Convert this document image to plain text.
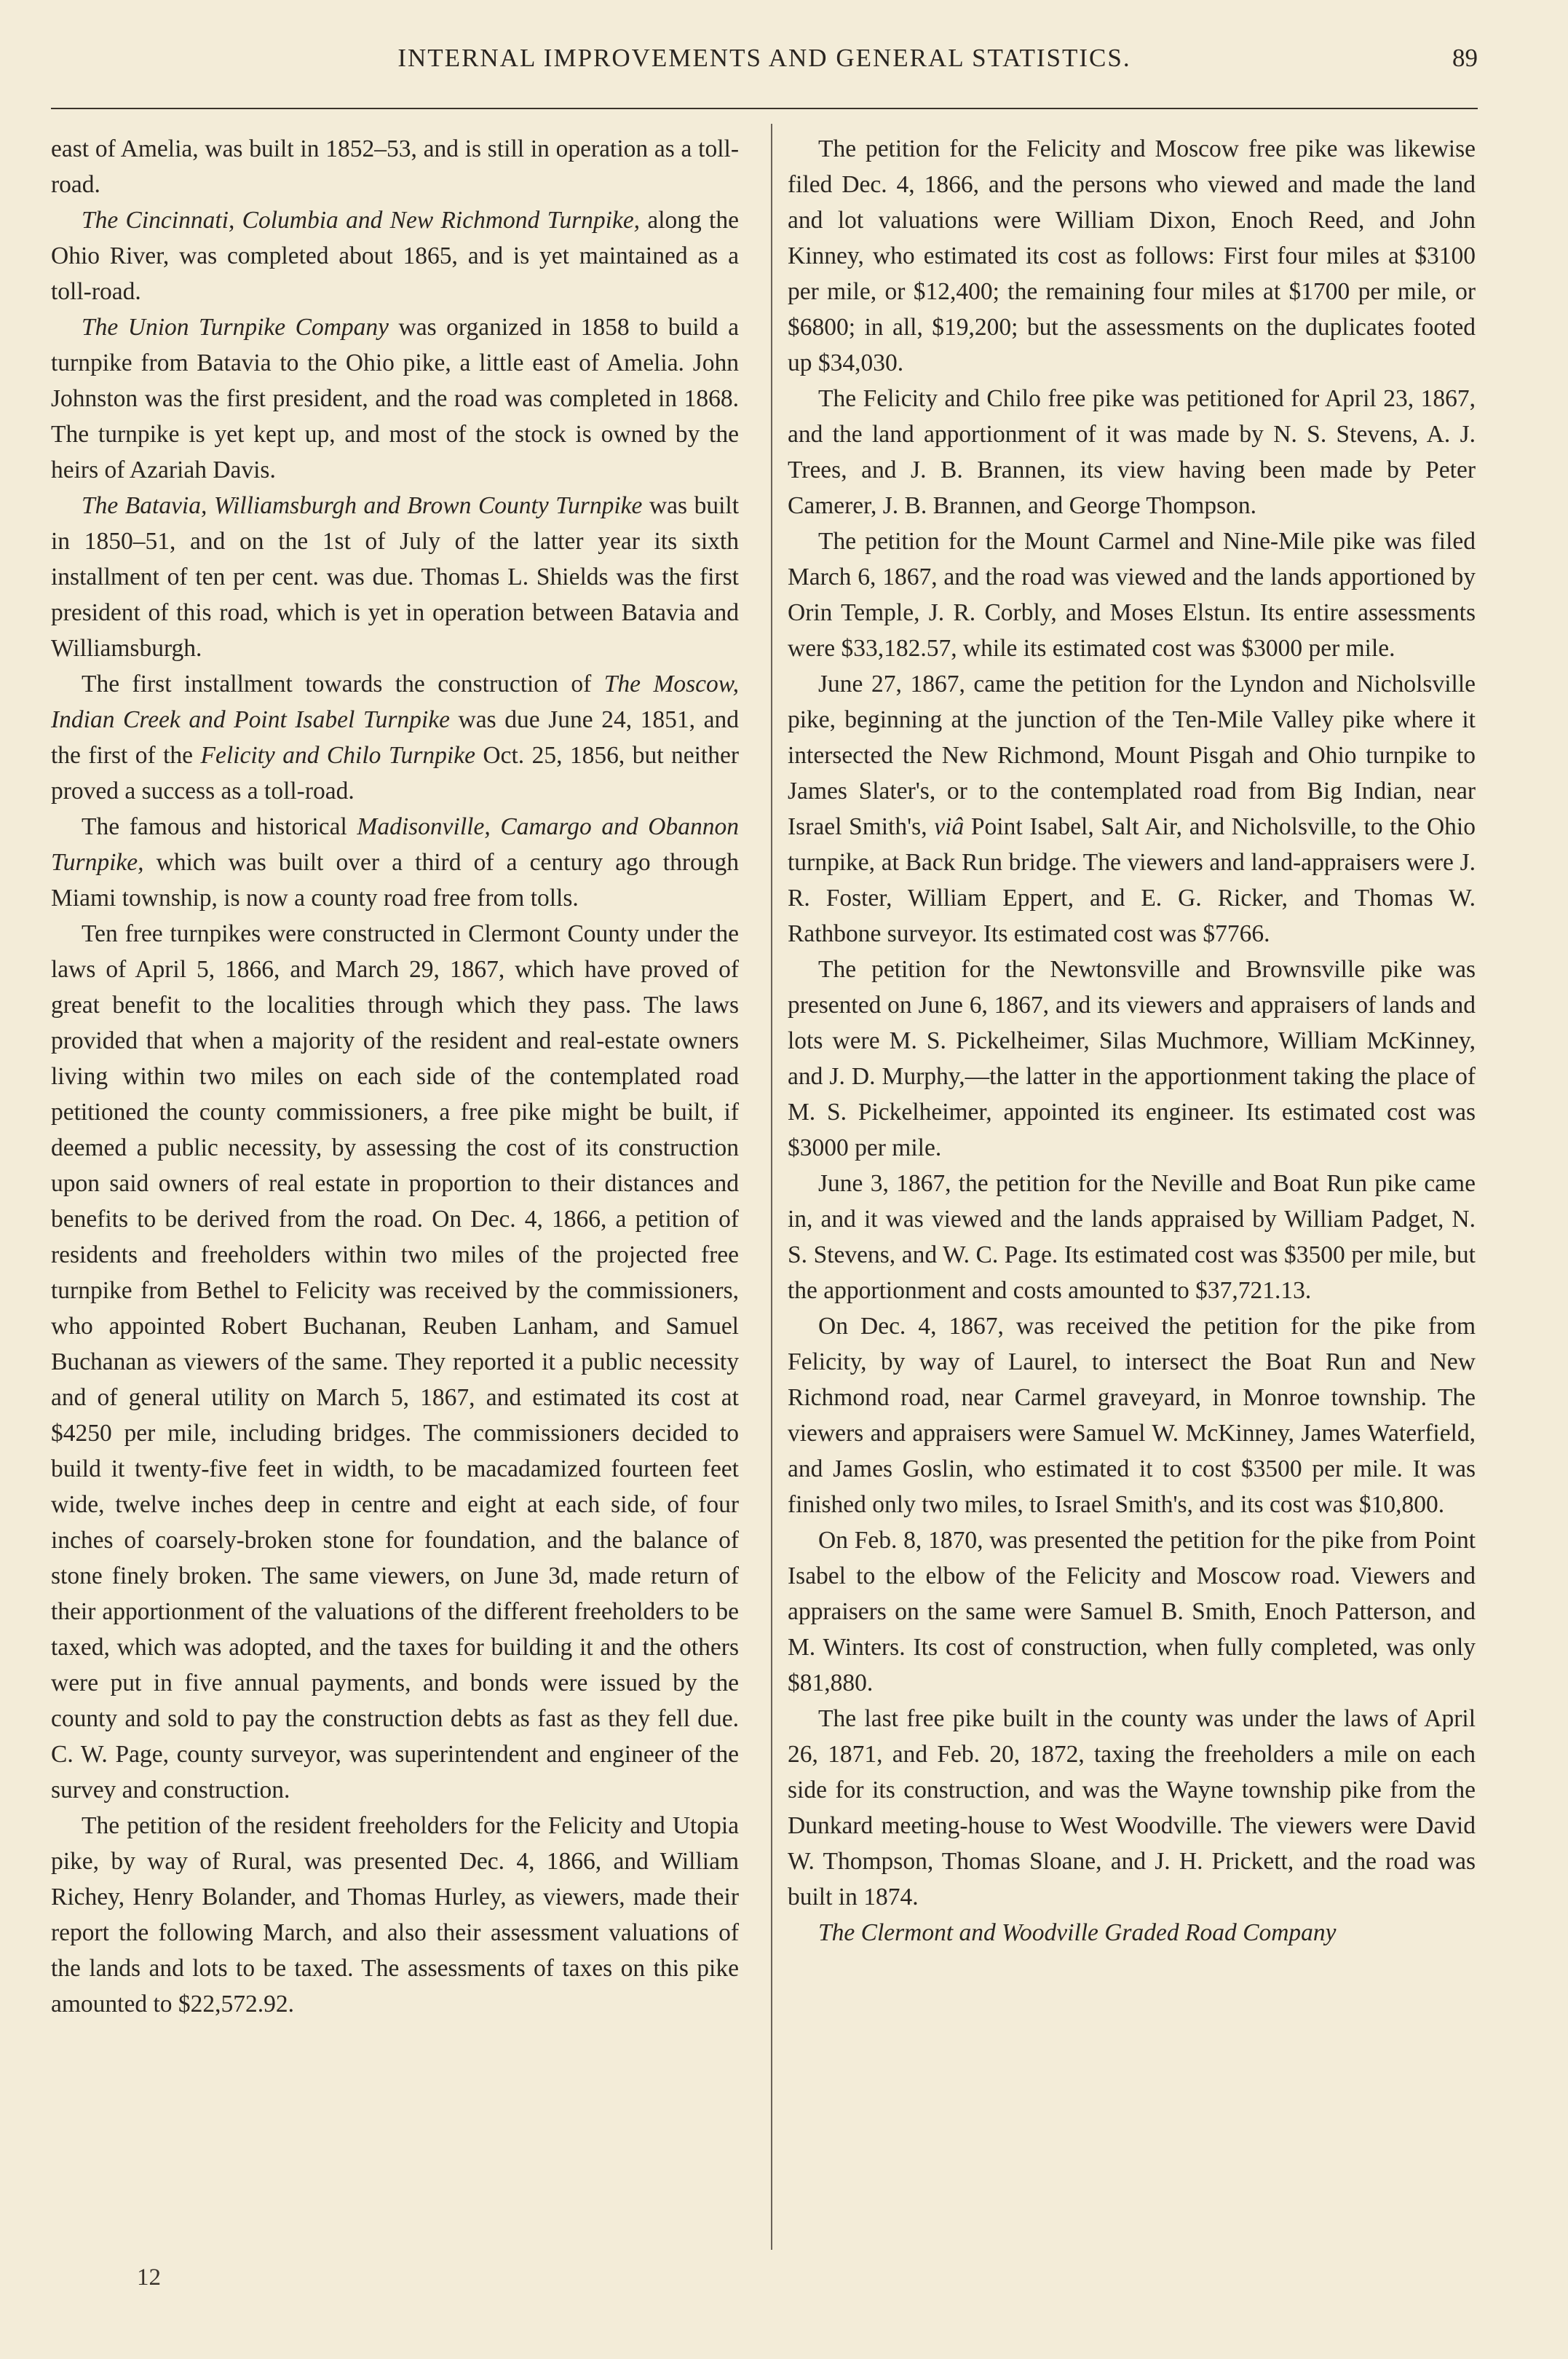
INTERNAL IMPROVEMENTS AND GENERAL STATISTICS.	89

east of Amelia, was built in 1852–53, and is still in operation as a toll-road.

The Cincinnati, Columbia and New Richmond Turnpike, along the Ohio River, was completed about 1865, and is yet maintained as a toll-road.

The Union Turnpike Company was organized in 1858 to build a turnpike from Batavia to the Ohio pike, a little east of Amelia. John Johnston was the first president, and the road was completed in 1868. The turnpike is yet kept up, and most of the stock is owned by the heirs of Azariah Davis.

The Batavia, Williamsburgh and Brown County Turnpike was built in 1850–51, and on the 1st of July of the latter year its sixth installment of ten per cent. was due. Thomas L. Shields was the first president of this road, which is yet in operation between Batavia and Williamsburgh.

The first installment towards the construction of The Moscow, Indian Creek and Point Isabel Turnpike was due June 24, 1851, and the first of the Felicity and Chilo Turnpike Oct. 25, 1856, but neither proved a success as a toll-road.

The famous and historical Madisonville, Camargo and Obannon Turnpike, which was built over a third of a century ago through Miami township, is now a county road free from tolls.

Ten free turnpikes were constructed in Clermont County under the laws of April 5, 1866, and March 29, 1867, which have proved of great benefit to the localities through which they pass. The laws provided that when a majority of the resident and real-estate owners living within two miles on each side of the contemplated road petitioned the county commissioners, a free pike might be built, if deemed a public necessity, by assessing the cost of its construction upon said owners of real estate in proportion to their distances and benefits to be derived from the road. On Dec. 4, 1866, a petition of residents and freeholders within two miles of the projected free turnpike from Bethel to Felicity was received by the commissioners, who appointed Robert Buchanan, Reuben Lanham, and Samuel Buchanan as viewers of the same. They reported it a public necessity and of general utility on March 5, 1867, and estimated its cost at $4250 per mile, including bridges. The commissioners decided to build it twenty-five feet in width, to be macadamized fourteen feet wide, twelve inches deep in centre and eight at each side, of four inches of coarsely-broken stone for foundation, and the balance of stone finely broken. The same viewers, on June 3d, made return of their apportionment of the valuations of the different freeholders to be taxed, which was adopted, and the taxes for building it and the others were put in five annual payments, and bonds were issued by the county and sold to pay the construction debts as fast as they fell due. C. W. Page, county surveyor, was superintendent and engineer of the survey and construction.

The petition of the resident freeholders for the Felicity and Utopia pike, by way of Rural, was presented Dec. 4, 1866, and William Richey, Henry Bolander, and Thomas Hurley, as viewers, made their report the following March, and also their assessment valuations of the lands and lots to be taxed. The assessments of taxes on this pike amounted to $22,572.92.

The petition for the Felicity and Moscow free pike was likewise filed Dec. 4, 1866, and the persons who viewed and made the land and lot valuations were William Dixon, Enoch Reed, and John Kinney, who estimated its cost as follows: First four miles at $3100 per mile, or $12,400; the remaining four miles at $1700 per mile, or $6800; in all, $19,200; but the assessments on the duplicates footed up $34,030.

The Felicity and Chilo free pike was petitioned for April 23, 1867, and the land apportionment of it was made by N. S. Stevens, A. J. Trees, and J. B. Brannen, its view having been made by Peter Camerer, J. B. Brannen, and George Thompson.

The petition for the Mount Carmel and Nine-Mile pike was filed March 6, 1867, and the road was viewed and the lands apportioned by Orin Temple, J. R. Corbly, and Moses Elstun. Its entire assessments were $33,182.57, while its estimated cost was $3000 per mile.

June 27, 1867, came the petition for the Lyndon and Nicholsville pike, beginning at the junction of the Ten-Mile Valley pike where it intersected the New Richmond, Mount Pisgah and Ohio turnpike to James Slater's, or to the contemplated road from Big Indian, near Israel Smith's, viâ Point Isabel, Salt Air, and Nicholsville, to the Ohio turnpike, at Back Run bridge. The viewers and land-appraisers were J. R. Foster, William Eppert, and E. G. Ricker, and Thomas W. Rathbone surveyor. Its estimated cost was $7766.

The petition for the Newtonsville and Brownsville pike was presented on June 6, 1867, and its viewers and appraisers of lands and lots were M. S. Pickelheimer, Silas Muchmore, William McKinney, and J. D. Murphy,—the latter in the apportionment taking the place of M. S. Pickelheimer, appointed its engineer. Its estimated cost was $3000 per mile.

June 3, 1867, the petition for the Neville and Boat Run pike came in, and it was viewed and the lands appraised by William Padget, N. S. Stevens, and W. C. Page. Its estimated cost was $3500 per mile, but the apportionment and costs amounted to $37,721.13.

On Dec. 4, 1867, was received the petition for the pike from Felicity, by way of Laurel, to intersect the Boat Run and New Richmond road, near Carmel graveyard, in Monroe township. The viewers and appraisers were Samuel W. McKinney, James Waterfield, and James Goslin, who estimated it to cost $3500 per mile. It was finished only two miles, to Israel Smith's, and its cost was $10,800.

On Feb. 8, 1870, was presented the petition for the pike from Point Isabel to the elbow of the Felicity and Moscow road. Viewers and appraisers on the same were Samuel B. Smith, Enoch Patterson, and M. Winters. Its cost of construction, when fully completed, was only $81,880.

The last free pike built in the county was under the laws of April 26, 1871, and Feb. 20, 1872, taxing the freeholders a mile on each side for its construction, and was the Wayne township pike from the Dunkard meeting-house to West Woodville. The viewers were David W. Thompson, Thomas Sloane, and J. H. Prickett, and the road was built in 1874.

The Clermont and Woodville Graded Road Company

12
